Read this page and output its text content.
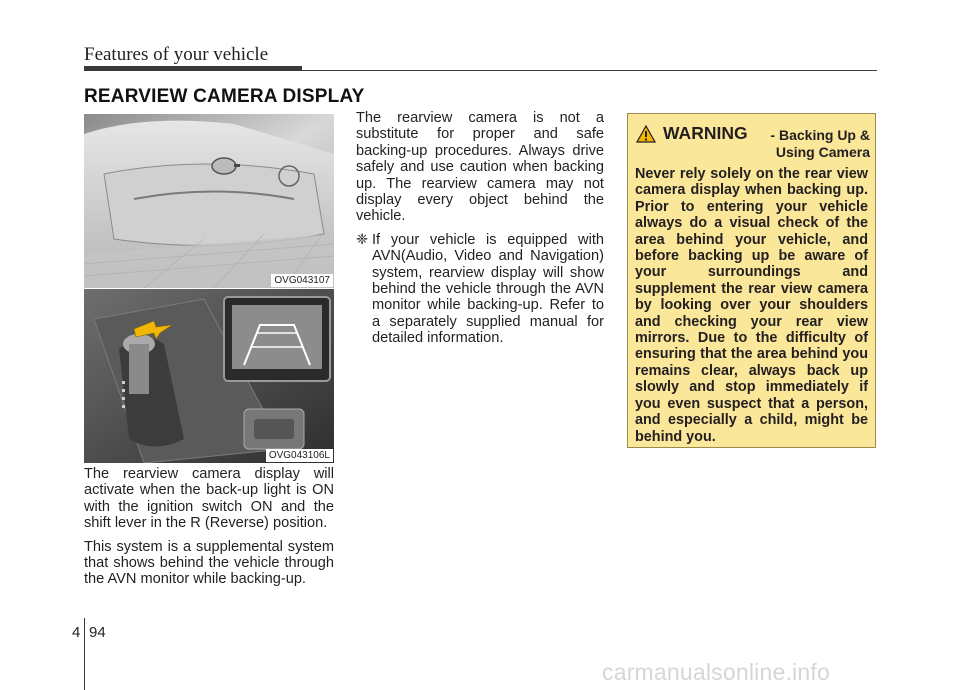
Features of your vehicle
REARVIEW CAMERA DISPLAY
OVG043107
OVG043106L

The rearview camera display will activate when the back-up light is ON with the ignition switch ON and the shift lever in the R (Reverse) position.

This system is a supplemental system that shows behind the vehicle through the AVN monitor while backing-up.

The rearview camera is not a substitute for proper and safe backing-up procedures. Always drive safely and use caution when backing up. The rearview camera may not display every object behind the vehicle.

❈ If your vehicle is equipped with AVN(Audio, Video and Navigation) system, rearview display will show behind the vehicle through the AVN monitor while backing-up. Refer to a separately supplied manual for detailed information.
WARNING - Backing Up &
Using Camera
Never rely solely on the rear view camera display when backing up. Prior to entering your vehicle always do a visual check of the area behind your vehicle, and before backing up be aware of your surroundings and supplement the rear view camera by looking over your shoulders and checking your rear view mirrors. Due to the difficulty of ensuring that the area behind you remains clear, always back up slowly and stop immediately if you even suspect that a person, and especially a child, might be behind you.
4 94
carmanualsonline.info
